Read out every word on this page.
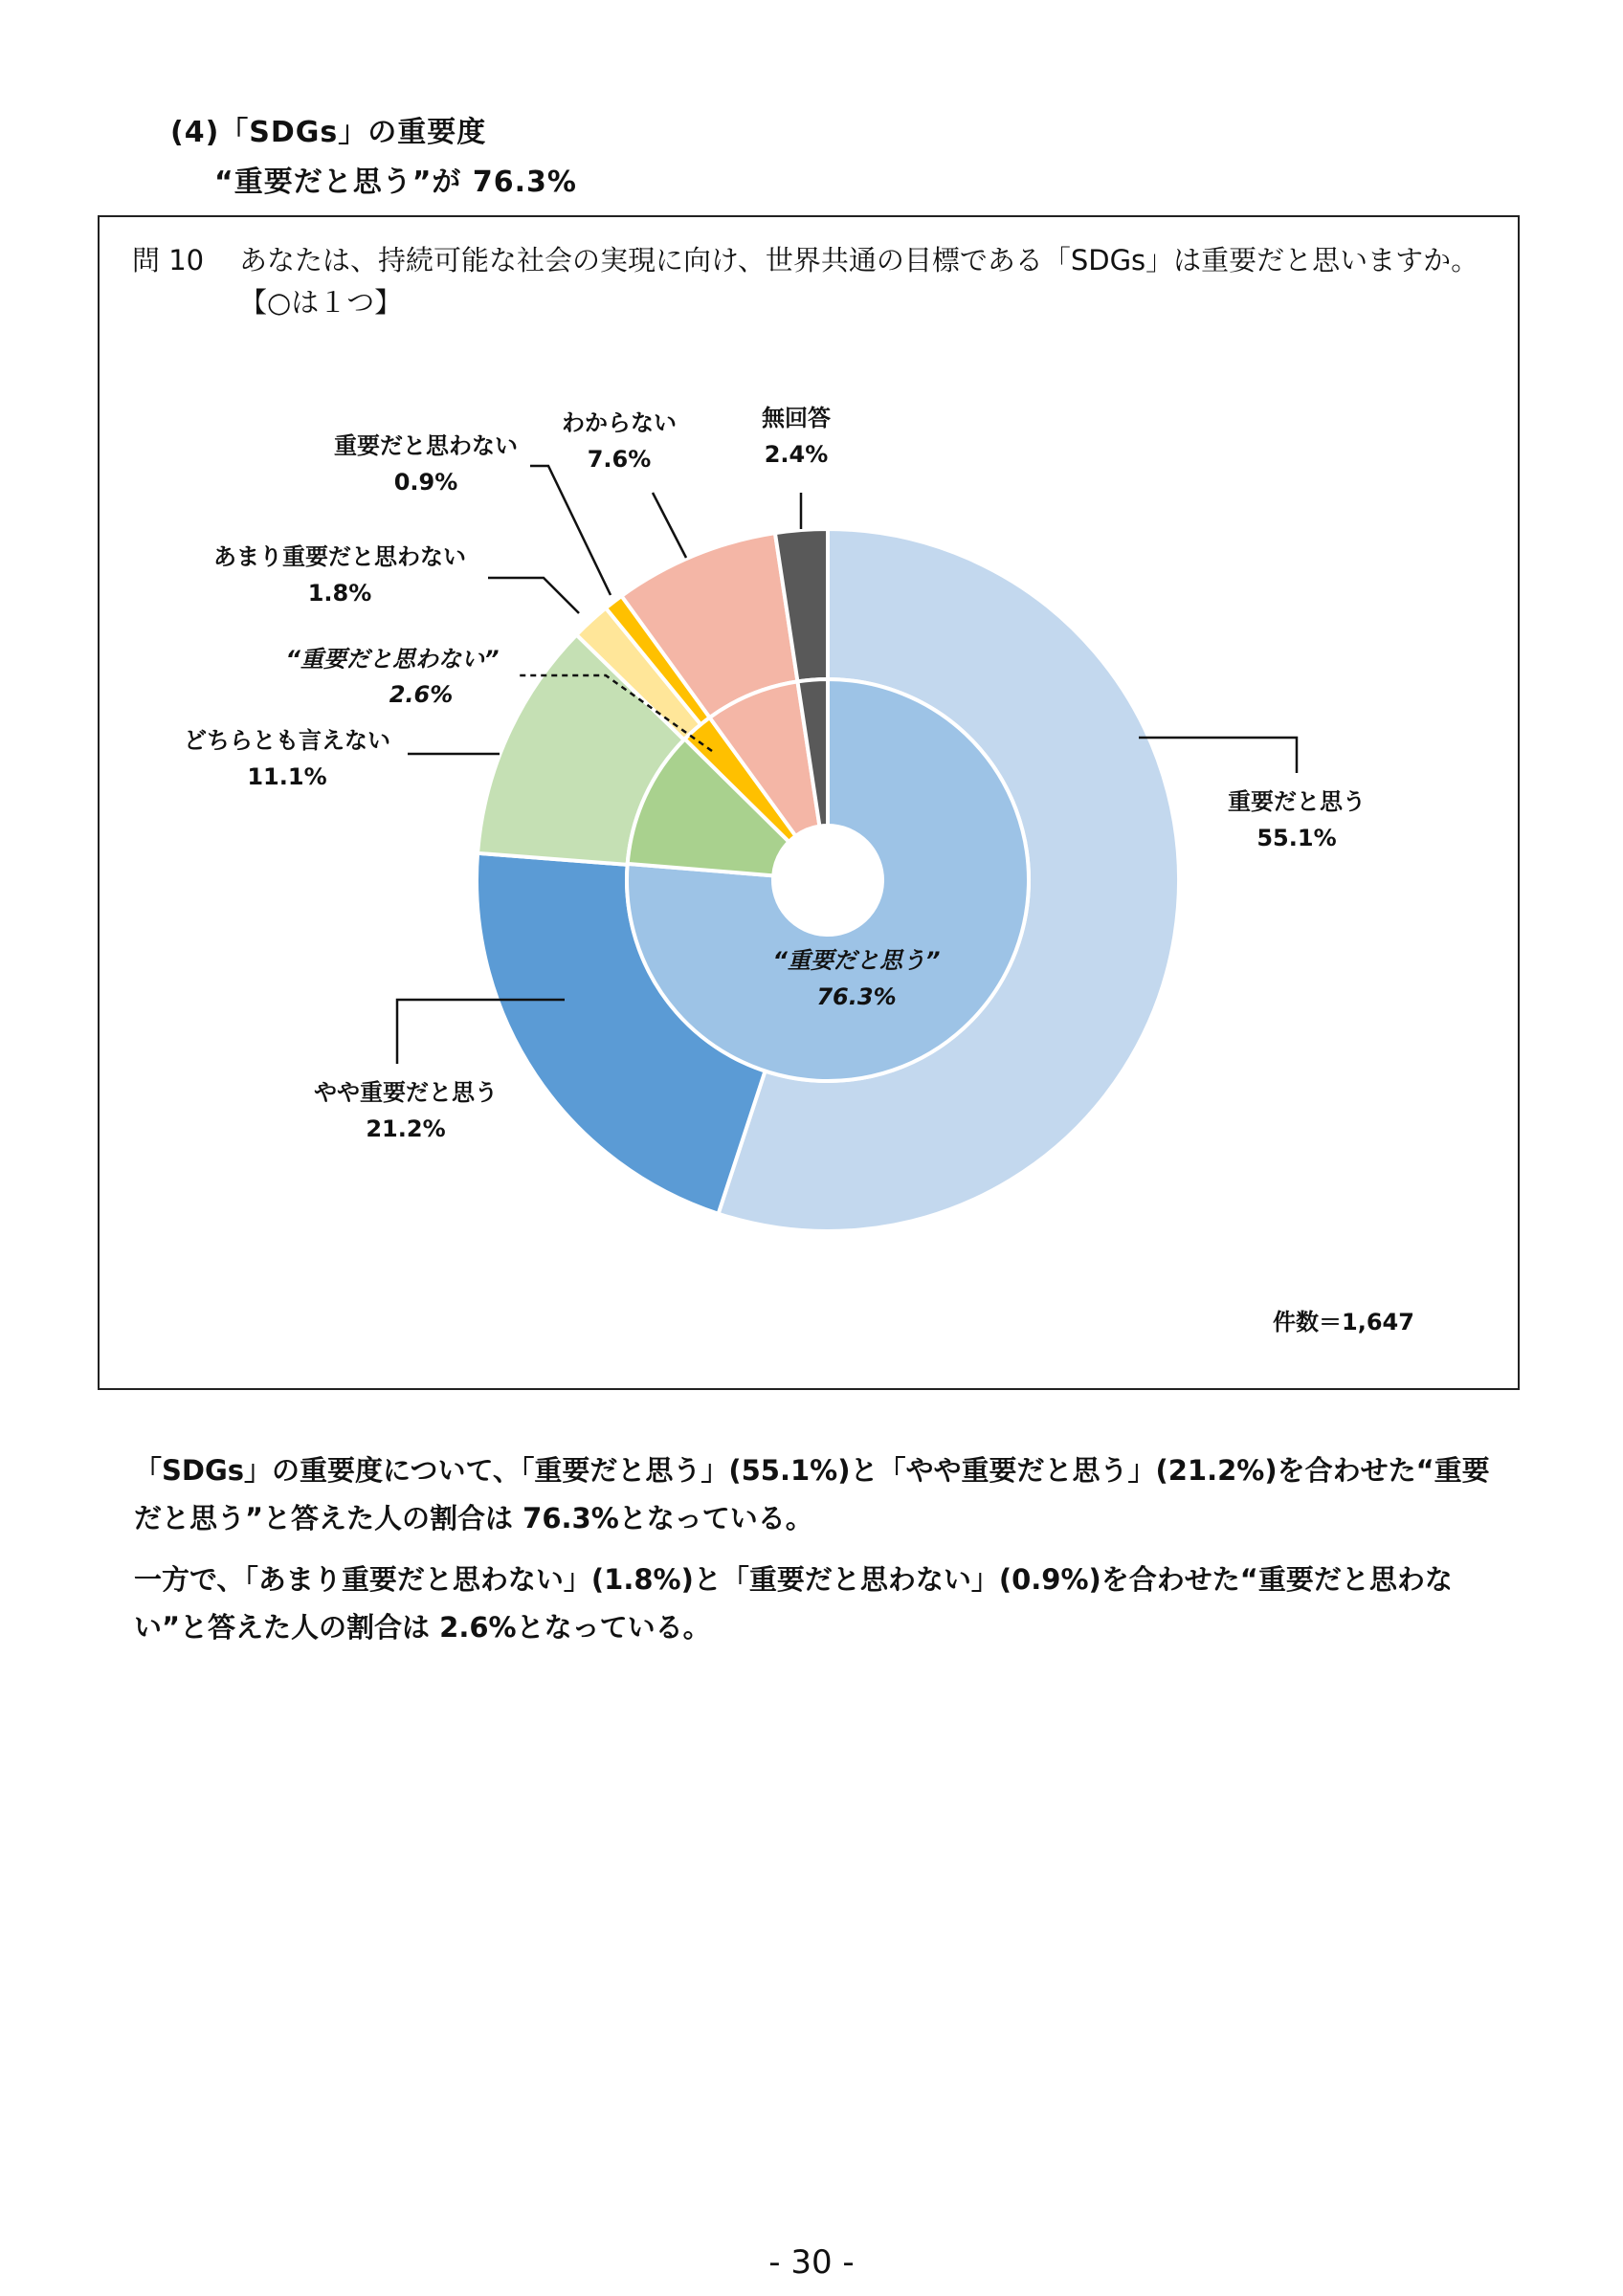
(4)「SDGs」の重要度
“重要だと思う”が 76.3%
問 10 あなたは、持続可能な社会の実現に向け、世界共通の目標である「SDGs」は重要だと思いますか。【○は１つ】
重要だと思う
55.1%
やや重要だと思う
21.2%
どちらとも言えない
11.1%
あまり重要だと思わない
1.8%
重要だと思わない
0.9%
わからない
7.6%
無回答
2.4%
“重要だと思わない”
2.6%
“重要だと思う”
76.3%
件数＝1,647
「SDGs」の重要度について、「重要だと思う」(55.1%)と「やや重要だと思う」(21.2%)を合わせた“重要だと思う”と答えた人の割合は 76.3%となっている。
一方で、「あまり重要だと思わない」(1.8%)と「重要だと思わない」(0.9%)を合わせた“重要だと思わない”と答えた人の割合は 2.6%となっている。
- 30 -
